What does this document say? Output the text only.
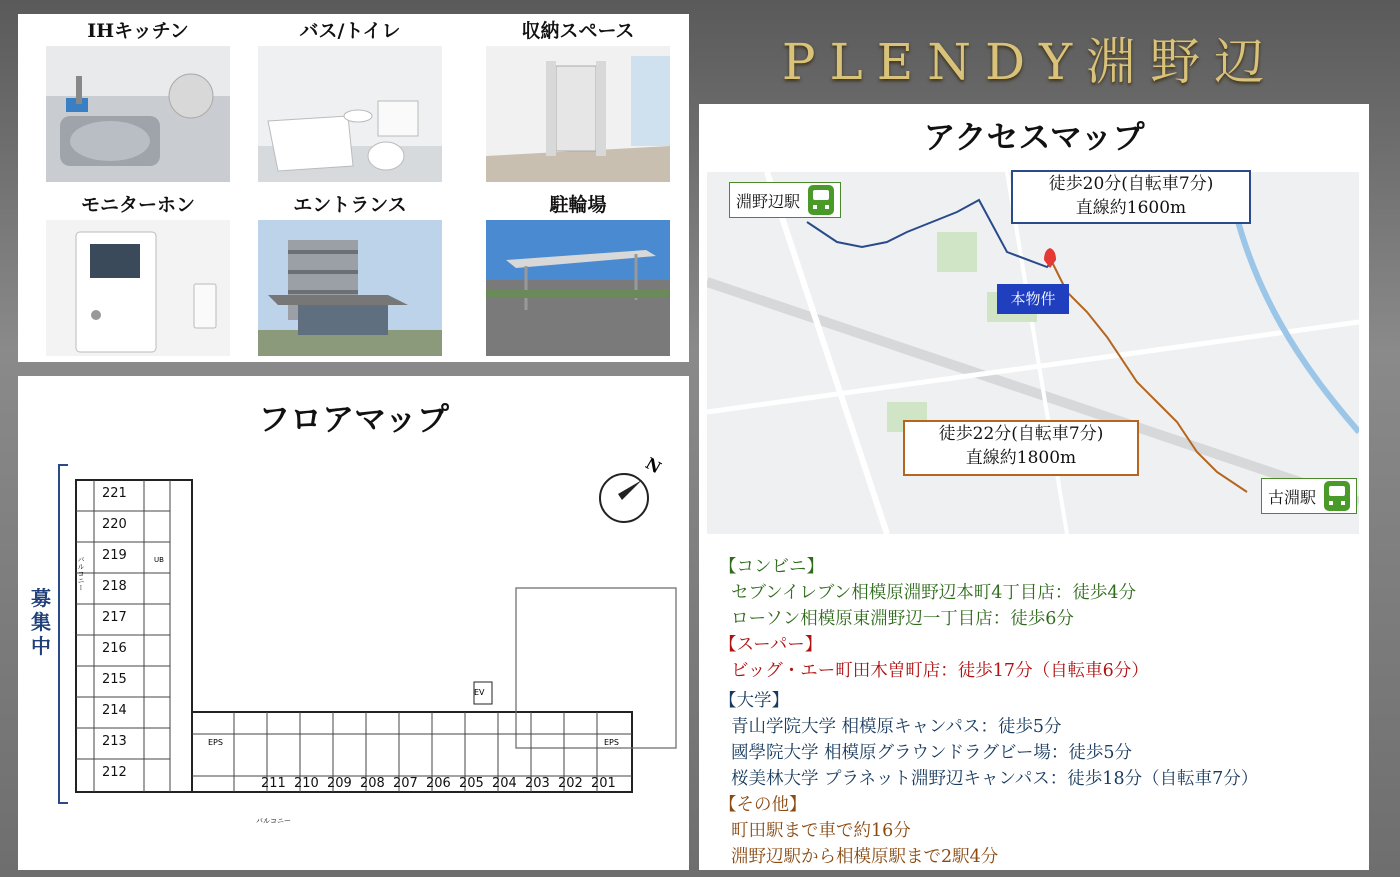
PLENDY淵野辺
IHキッチン	バス/トイレ	収納スペース
モニターホン	エントランス	駐輪場
フロアマップ
募集中
EV
EPS	EPS
バルコニー
バルコニー
UB
221
220
219
218
217
216
215
214
213
212
211 210 209 208 207 206 205 204 203 202 201
N
アクセスマップ
淵野辺駅
古淵駅
本物件
徒歩20分(自転車7分)
直線約1600m
徒歩22分(自転車7分)
直線約1800m
【コンビニ】
セブンイレブン相模原淵野辺本町4丁目店：徒歩4分
ローソン相模原東淵野辺一丁目店：徒歩6分
【スーパー】
ビッグ・エー町田木曽町店：徒歩17分（自転車6分）
【大学】
青山学院大学 相模原キャンパス：徒歩5分
國學院大学 相模原グラウンドラグビー場：徒歩5分
桜美林大学 プラネット淵野辺キャンパス：徒歩18分（自転車7分）
【その他】
町田駅まで車で約16分
淵野辺駅から相模原駅まで2駅4分
